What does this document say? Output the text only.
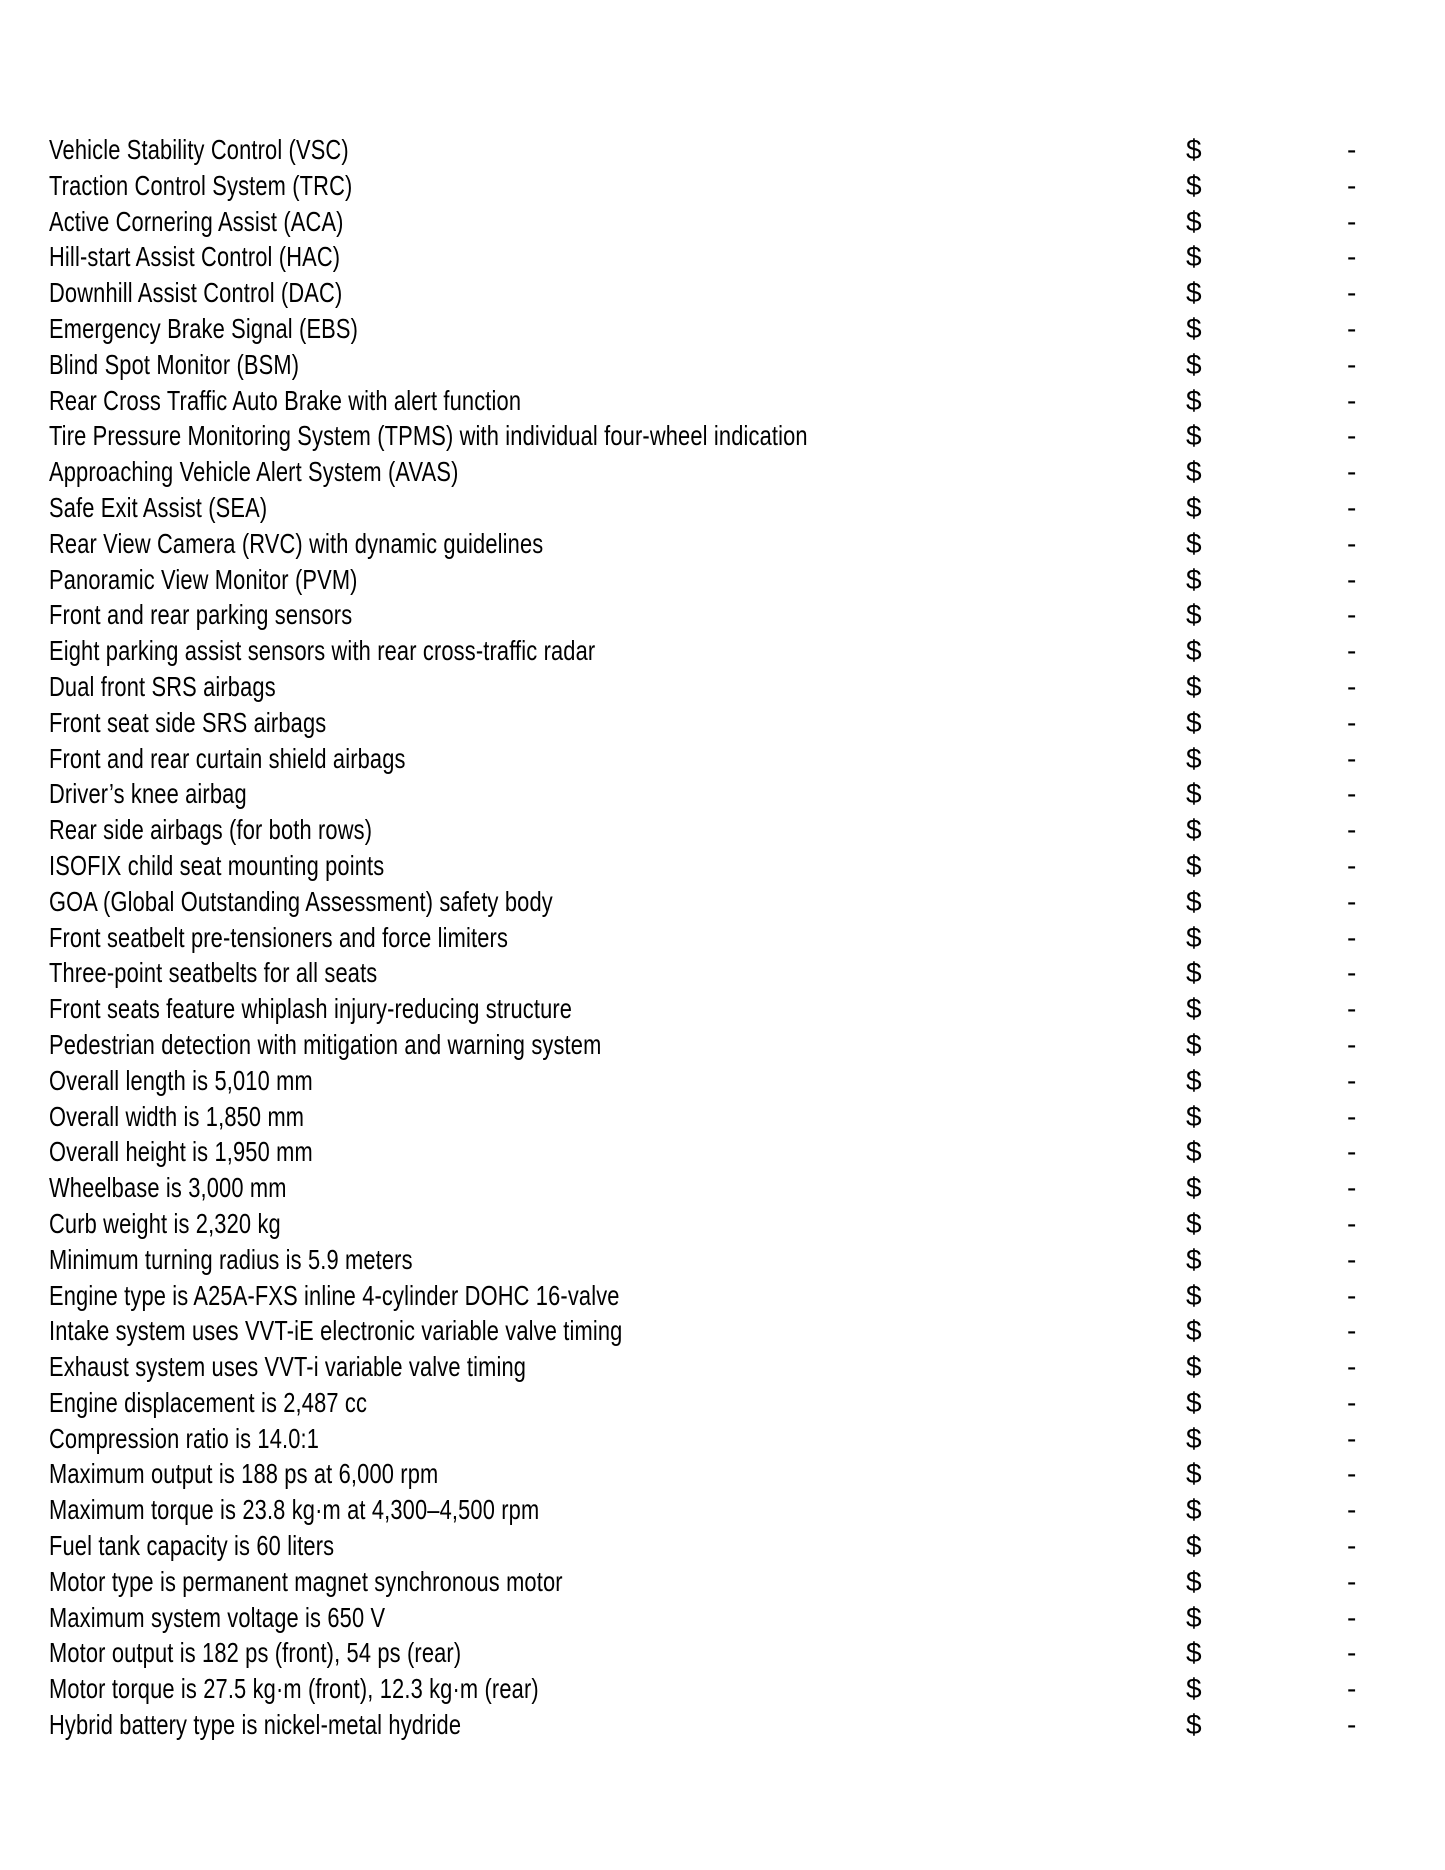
Vehicle Stability Control (VSC)	$	-
Traction Control System (TRC)	$	-
Active Cornering Assist (ACA)	$	-
Hill-start Assist Control (HAC)	$	-
Downhill Assist Control (DAC)	$	-
Emergency Brake Signal (EBS)	$	-
Blind Spot Monitor (BSM)	$	-
Rear Cross Traffic Auto Brake with alert function	$	-
Tire Pressure Monitoring System (TPMS) with individual four-wheel indication	$	-
Approaching Vehicle Alert System (AVAS)	$	-
Safe Exit Assist (SEA)	$	-
Rear View Camera (RVC) with dynamic guidelines	$	-
Panoramic View Monitor (PVM)	$	-
Front and rear parking sensors	$	-
Eight parking assist sensors with rear cross-traffic radar	$	-
Dual front SRS airbags	$	-
Front seat side SRS airbags	$	-
Front and rear curtain shield airbags	$	-
Driver’s knee airbag	$	-
Rear side airbags (for both rows)	$	-
ISOFIX child seat mounting points	$	-
GOA (Global Outstanding Assessment) safety body	$	-
Front seatbelt pre-tensioners and force limiters	$	-
Three-point seatbelts for all seats	$	-
Front seats feature whiplash injury-reducing structure	$	-
Pedestrian detection with mitigation and warning system	$	-
Overall length is 5,010 mm	$	-
Overall width is 1,850 mm	$	-
Overall height is 1,950 mm	$	-
Wheelbase is 3,000 mm	$	-
Curb weight is 2,320 kg	$	-
Minimum turning radius is 5.9 meters	$	-
Engine type is A25A-FXS inline 4-cylinder DOHC 16-valve	$	-
Intake system uses VVT-iE electronic variable valve timing	$	-
Exhaust system uses VVT-i variable valve timing	$	-
Engine displacement is 2,487 cc	$	-
Compression ratio is 14.0:1	$	-
Maximum output is 188 ps at 6,000 rpm	$	-
Maximum torque is 23.8 kg·m at 4,300–4,500 rpm	$	-
Fuel tank capacity is 60 liters	$	-
Motor type is permanent magnet synchronous motor	$	-
Maximum system voltage is 650 V	$	-
Motor output is 182 ps (front), 54 ps (rear)	$	-
Motor torque is 27.5 kg·m (front), 12.3 kg·m (rear)	$	-
Hybrid battery type is nickel-metal hydride	$	-
